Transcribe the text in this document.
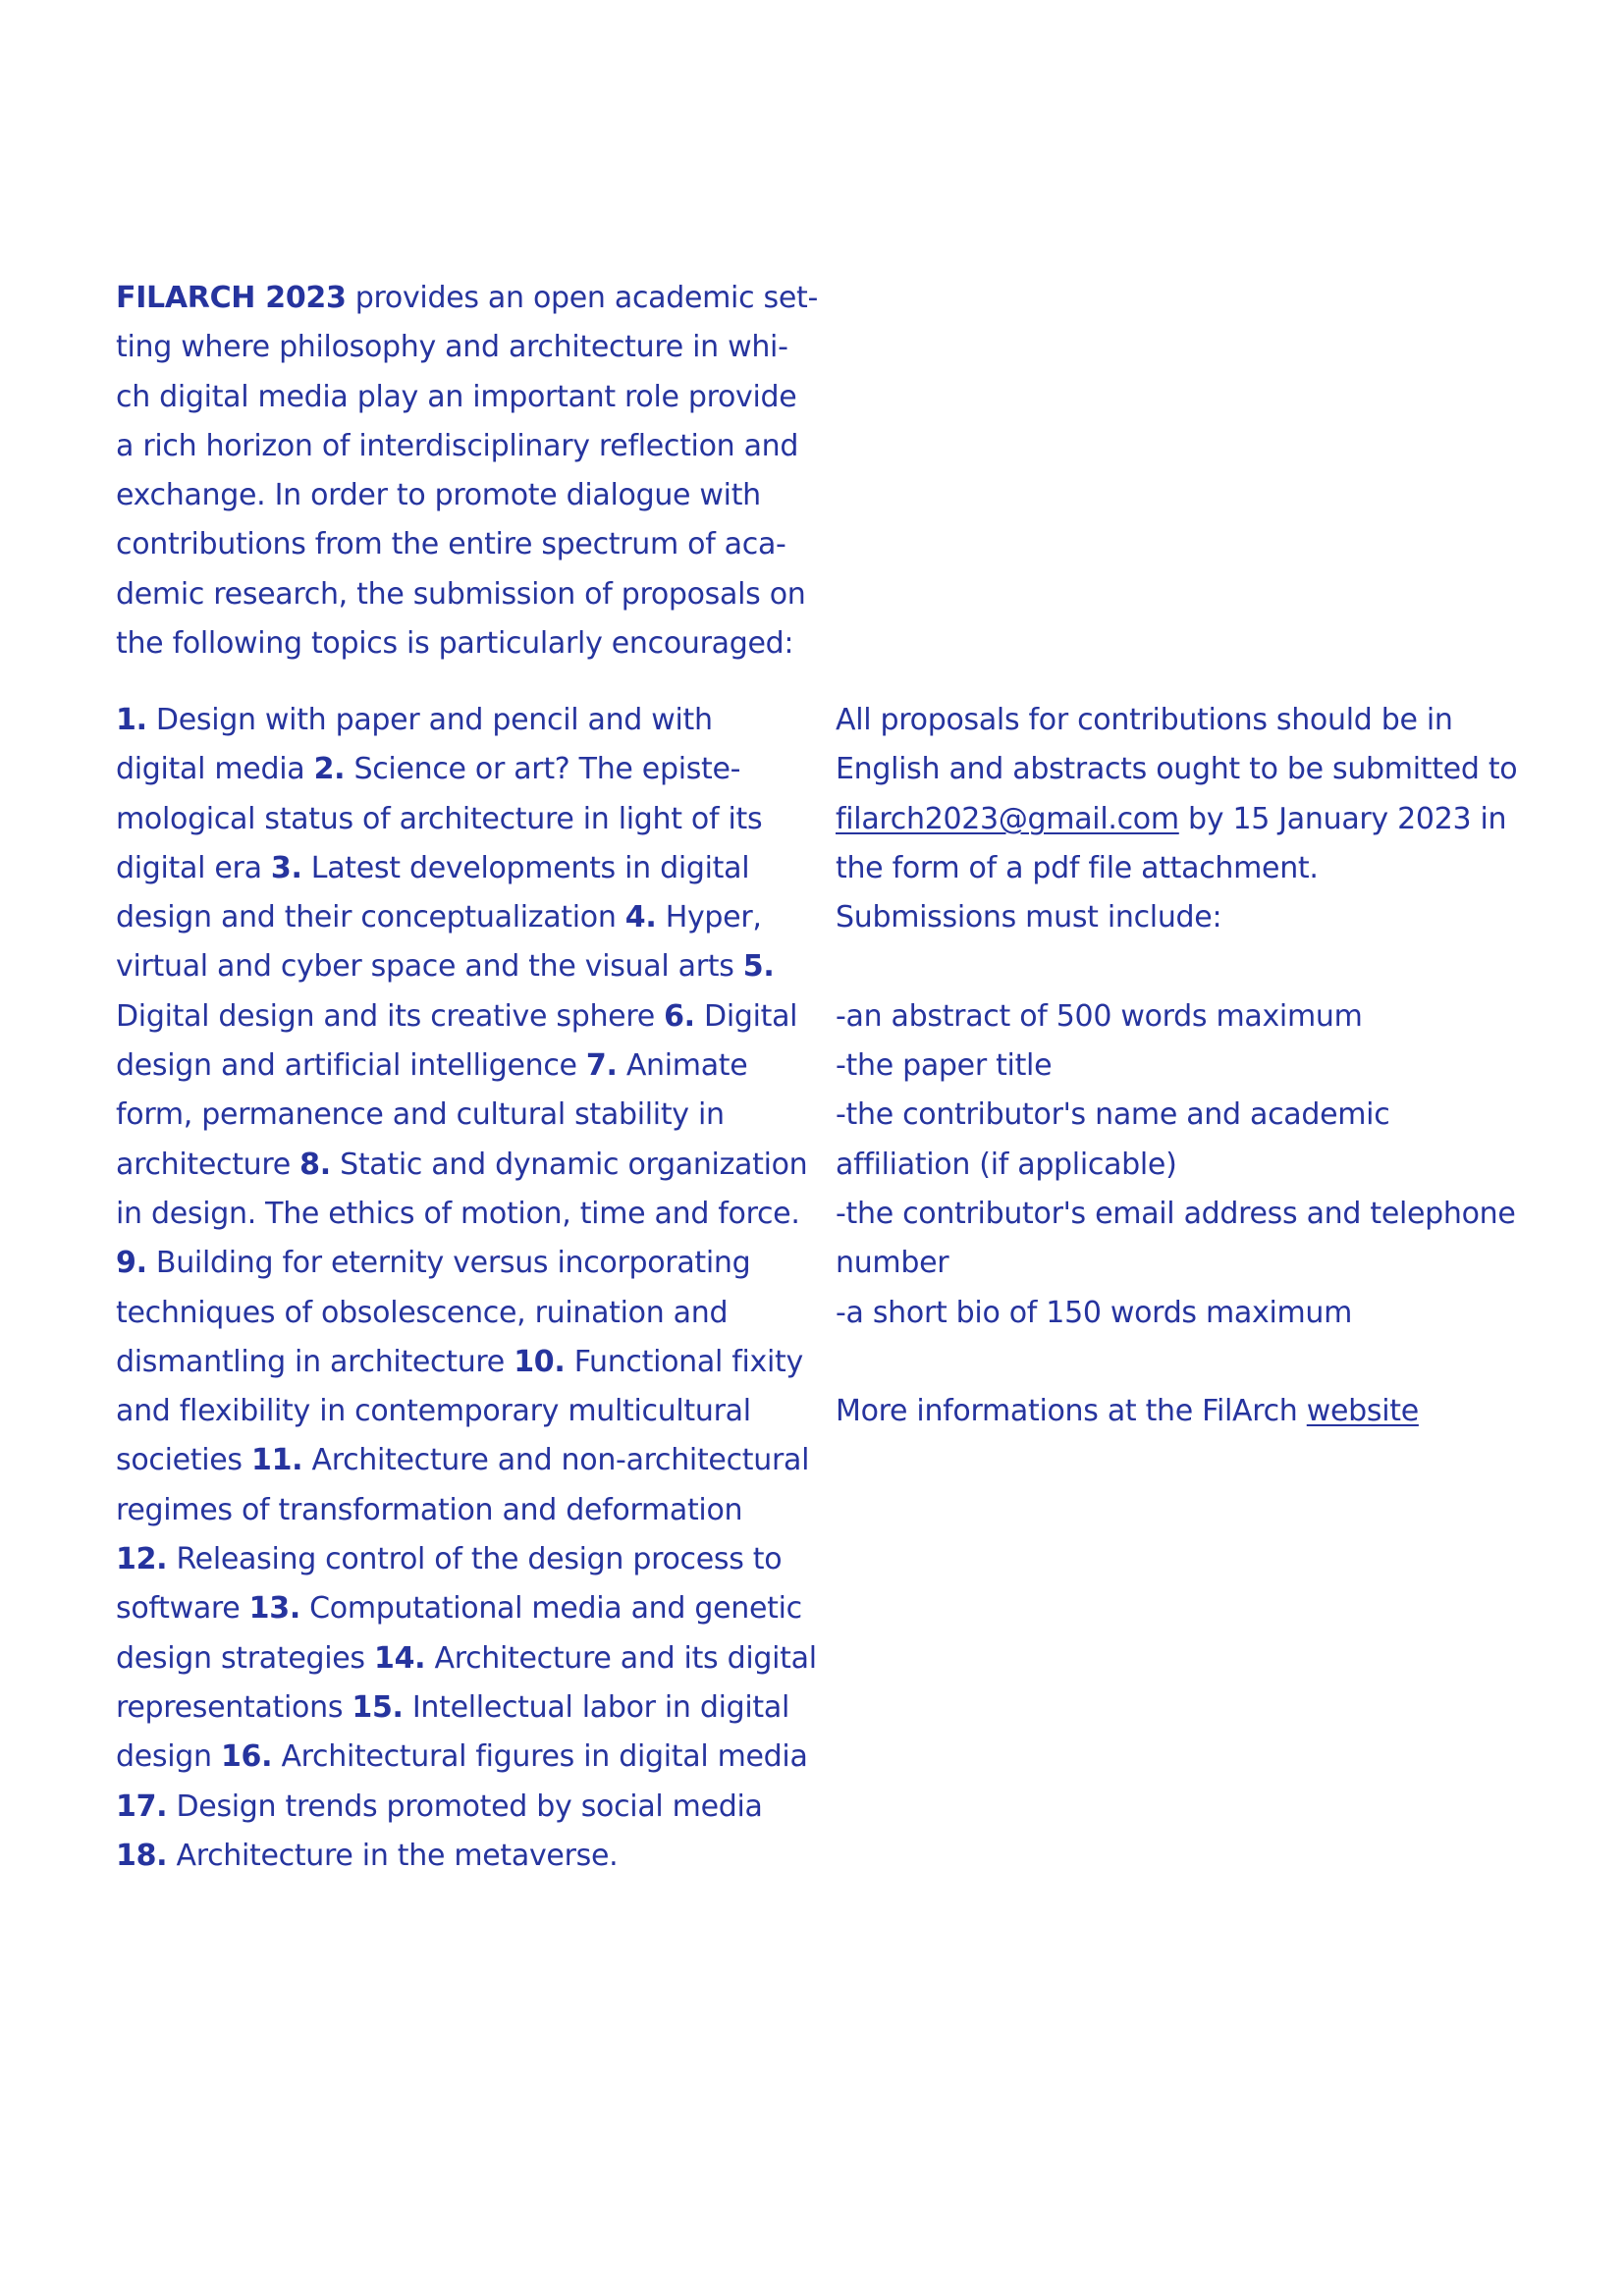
FILARCH 2023 provides an open academic set-
ting where philosophy and architecture in whi-
ch digital media play an important role provide
a rich horizon of interdisciplinary reflection and
exchange. In order to promote dialogue with
contributions from the entire spectrum of aca-
demic research, the submission of proposals on
the following topics is particularly encouraged:
1. Design with paper and pencil and with
digital media 2. Science or art? The episte-
mological status of architecture in light of its
digital era 3. Latest developments in digital
design and their conceptualization 4. Hyper,
virtual and cyber space and the visual arts 5.
Digital design and its creative sphere 6. Digital
design and artificial intelligence 7. Animate
form, permanence and cultural stability in
architecture 8. Static and dynamic organization
in design. The ethics of motion, time and force.
9. Building for eternity versus incorporating
techniques of obsolescence, ruination and
dismantling in architecture 10. Functional fixity
and flexibility in contemporary multicultural
societies 11. Architecture and non-architectural
regimes of transformation and deformation
12. Releasing control of the design process to
software 13. Computational media and genetic
design strategies 14. Architecture and its digital
representations 15. Intellectual labor in digital
design 16. Architectural figures in digital media
17. Design trends promoted by social media
18. Architecture in the metaverse.
All proposals for contributions should be in
English and abstracts ought to be submitted to
filarch2023@gmail.com by 15 January 2023 in
the form of a pdf file attachment.
Submissions must include:
-an abstract of 500 words maximum
-the paper title
-the contributor's name and academic
affiliation (if applicable)
-the contributor's email address and telephone
number
-a short bio of 150 words maximum
More informations at the FilArch website
